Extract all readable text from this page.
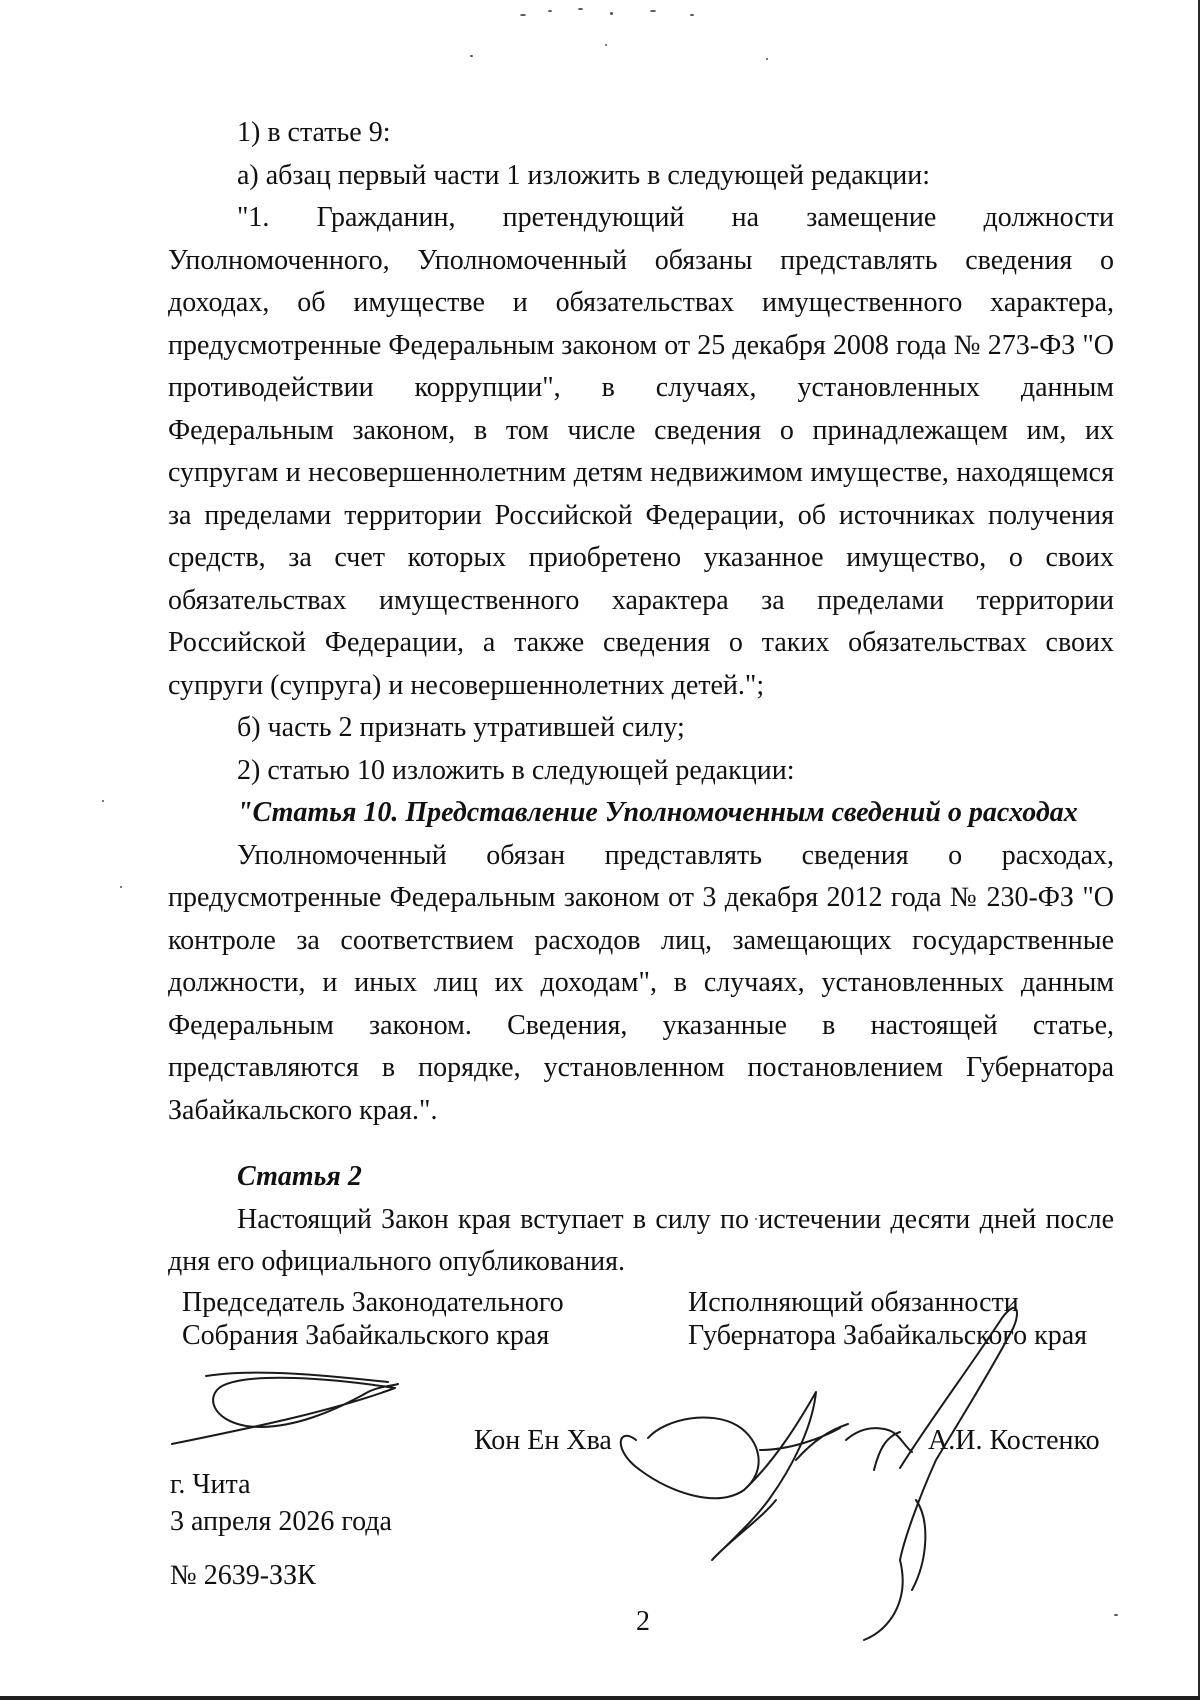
1) в статье 9:

а) абзац первый части 1 изложить в следующей редакции:

"1. Гражданин, претендующий на замещение должности Уполномоченного, Уполномоченный обязаны представлять сведения о доходах, об имуществе и обязательствах имущественного характера, предусмотренные Федеральным законом от 25 декабря 2008 года № 273-ФЗ "О противодействии коррупции", в случаях, установленных данным Федеральным законом, в том числе сведения о принадлежащем им, их супругам и несовершеннолетним детям недвижимом имуществе, находящемся за пределами территории Российской Федерации, об источниках получения средств, за счет которых приобретено указанное имущество, о своих обязательствах имущественного характера за пределами территории Российской Федерации, а также сведения о таких обязательствах своих супруги (супруга) и несовершеннолетних детей.";

б) часть 2 признать утратившей силу;

2) статью 10 изложить в следующей редакции:

"Статья 10. Представление Уполномоченным сведений о расходах

Уполномоченный обязан представлять сведения о расходах, предусмотренные Федеральным законом от 3 декабря 2012 года № 230-ФЗ "О контроле за соответствием расходов лиц, замещающих государственные должности, и иных лиц их доходам", в случаях, установленных данным Федеральным законом. Сведения, указанные в настоящей статье, представляются в порядке, установленном постановлением Губернатора Забайкальского края.".

Статья 2

Настоящий Закон края вступает в силу по истечении десяти дней после дня его официального опубликования.

Председатель Законодательного
Собрания Забайкальского края
Исполняющий обязанности
Губернатора Забайкальского края
Кон Ен Хва	А.И. Костенко
г. Чита
3 апреля 2026 года
№ 2639-ЗЗК
2
